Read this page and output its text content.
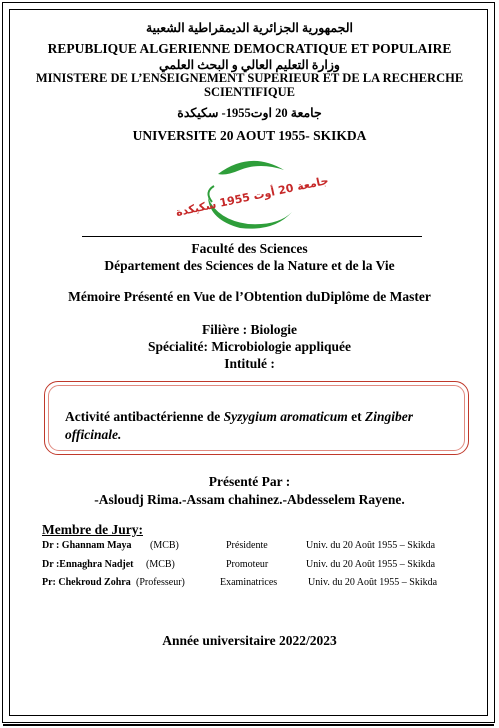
الجمهورية الجزائرية الديمقراطية الشعبية
REPUBLIQUE ALGERIENNE DEMOCRATIQUE ET POPULAIRE
وزارة التعليم العالي و البحث العلمي
MINISTERE DE L’ENSEIGNEMENT SUPERIEUR ET DE LA RECHERCHE SCIENTIFIQUE
جامعة 20 اوت1955- سكيكدة
UNIVERSITE 20 AOUT 1955- SKIKDA
جامعة 20 أوت 1955 سكيكدة
Faculté des Sciences
Département des Sciences de la Nature et de la Vie
Mémoire Présenté en Vue de l’Obtention duDiplôme de Master
Filière : Biologie
Spécialité: Microbiologie appliquée
Intitulé :
Activité antibactérienne de Syzygium aromaticum et Zingiber officinale.
Présenté Par :
-Asloudj Rima.-Assam chahinez.-Abdesselem Rayene.
Membre de Jury:
Dr : Ghannam Maya (MCB)	Présidente	Univ. du 20 Août 1955 – Skikda
Dr :Ennaghra Nadjet (MCB)	Promoteur	Univ. du 20 Août 1955 – Skikda
Pr: Chekroud Zohra (Professeur)	Examinatrices	Univ. du 20 Août 1955 – Skikda
Année universitaire 2022/2023
